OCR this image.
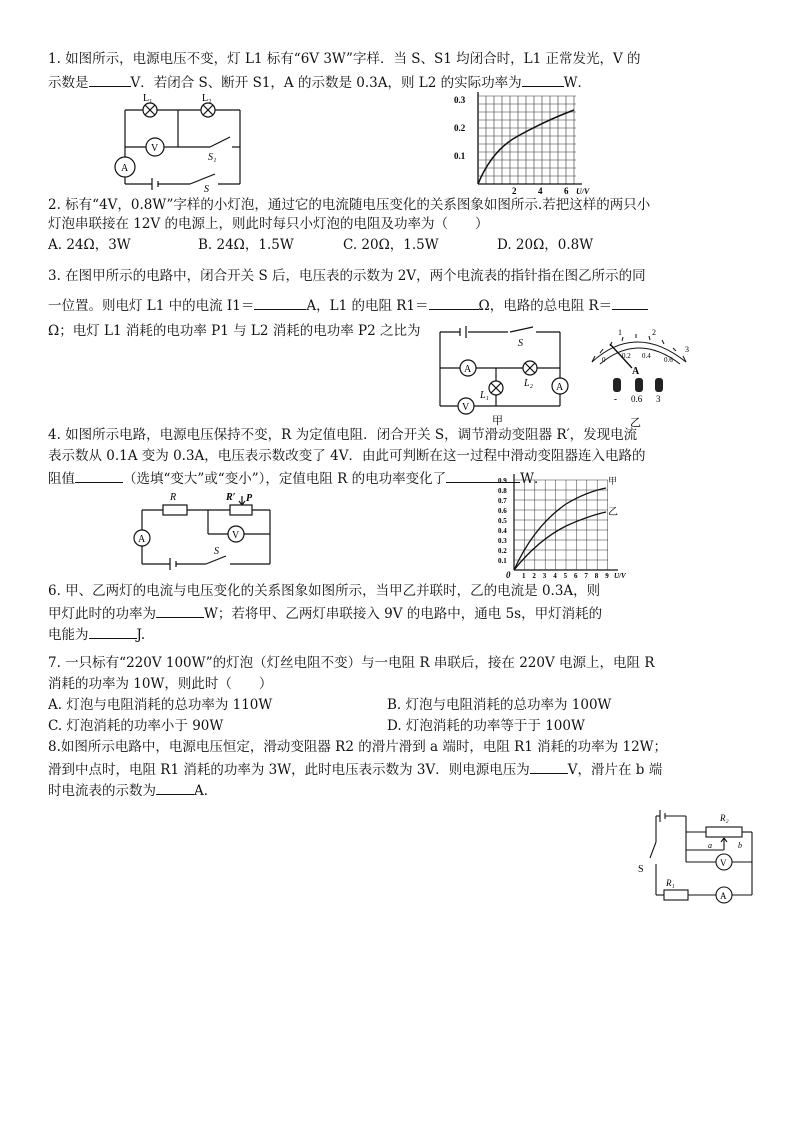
1. 如图所示，电源电压不变，灯 L1 标有“6V 3W”字样．当 S、S1 均闭合时，L1 正常发光，V 的
示数是	V．若闭合 S、断开 S1，A 的示数是 0.3A，则 L2 的实际功率为	W．
L₁	L₂
V
A
S₁
S
0.3
0.2
0.1
2 4 6 U/V
2. 标有“4V，0.8W”字样的小灯泡，通过它的电流随电压变化的关系图象如图所示.若把这样的两只小
灯泡串联接在 12V 的电源上，则此时每只小灯泡的电阻及功率为（　　）
A. 24Ω，3W	B. 24Ω，1.5W	C. 20Ω，1.5W	D. 20Ω，0.8W
3. 在图甲所示的电路中，闭合开关 S 后，电压表的示数为 2V，两个电流表的指针指在图乙所示的同
一位置。则电灯 L1 中的电流 I1＝	A，L1 的电阻 R1＝	Ω，电路的总电阻 R＝
Ω；电灯 L1 消耗的电功率 P1 与 L2 消耗的电功率 P2 之比为
S
A
A
V
L₁
L₂
甲
1	2
3
0 0.2 0.4 0.6
A
- 0.6 3
乙
4. 如图所示电路，电源电压保持不变，R 为定值电阻．闭合开关 S，调节滑动变阻器 R′，发现电流
表示数从 0.1A 变为 0.3A，电压表示数改变了 4V．由此可判断在这一过程中滑动变阻器连入电路的
阻值	（选填“变大”或“变小”），定值电阻 R 的电功率变化了	W．
R	R′ P
V
A
S
0.9
0.8
0.7
0.6
0.5
0.4
0.3
0.2
0.1
0 1 2 3 4 5 6 7 8 9 U/V
甲
乙
6. 甲、乙两灯的电流与电压变化的关系图象如图所示，当甲乙并联时，乙的电流是 0.3A，则
甲灯此时的功率为	W；若将甲、乙两灯串联接入 9V 的电路中，通电 5s，甲灯消耗的
电能为	J.
7. 一只标有“220V 100W”的灯泡（灯丝电阻不变）与一电阻 R 串联后，接在 220V 电源上，电阻 R
消耗的功率为 10W，则此时（　　）
A. 灯泡与电阻消耗的总功率为 110W	B. 灯泡与电阻消耗的总功率为 100W
C. 灯泡消耗的功率小于 90W	D. 灯泡消耗的功率等于于 100W
8.如图所示电路中，电源电压恒定，滑动变阻器 R2 的滑片滑到 a 端时，电阻 R1 消耗的功率为 12W；
滑到中点时，电阻 R1 消耗的功率为 3W，此时电压表示数为 3V．则电源电压为	V，滑片在 b 端
时电流表的示数为	A．
R₂
a	b
V
S
R₁
A
